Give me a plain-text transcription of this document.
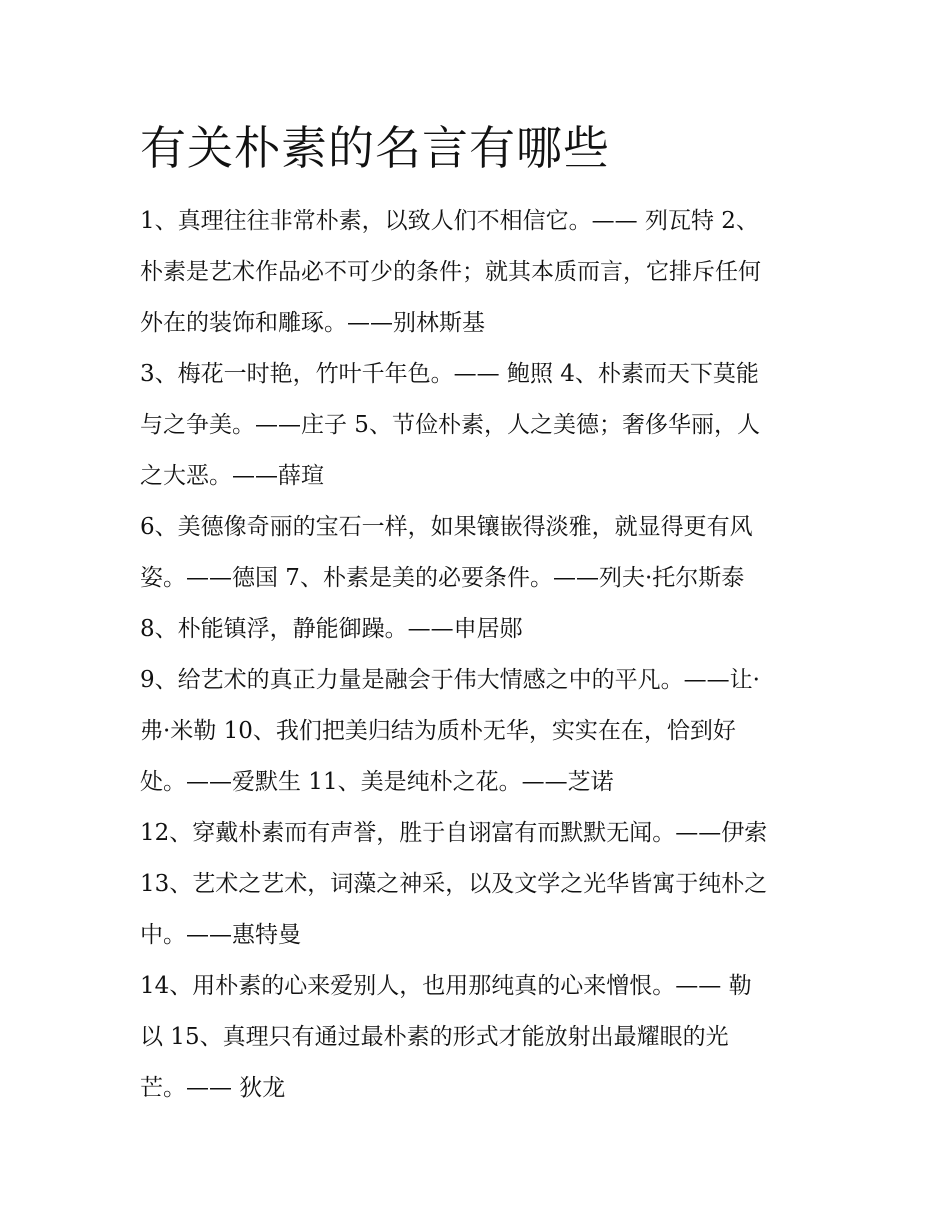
有关朴素的名言有哪些

1、真理往往非常朴素，以致人们不相信它。—— 列瓦特 2、
朴素是艺术作品必不可少的条件；就其本质而言，它排斥任何
外在的装饰和雕琢。——别林斯基

3、梅花一时艳，竹叶千年色。—— 鲍照 4、朴素而天下莫能
与之争美。——庄子 5、节俭朴素，人之美德；奢侈华丽，人
之大恶。——薛瑄

6、美德像奇丽的宝石一样，如果镶嵌得淡雅，就显得更有风
姿。——德国 7、朴素是美的必要条件。——列夫·托尔斯泰

8、朴能镇浮，静能御躁。——申居郧

9、给艺术的真正力量是融会于伟大情感之中的平凡。——让·
弗·米勒 10、我们把美归结为质朴无华，实实在在，恰到好
处。——爱默生 11、美是纯朴之花。——芝诺

12、穿戴朴素而有声誉，胜于自诩富有而默默无闻。——伊索
13、艺术之艺术，词藻之神采，以及文学之光华皆寓于纯朴之
中。——惠特曼

14、用朴素的心来爱别人，也用那纯真的心来憎恨。—— 勒
以 15、真理只有通过最朴素的形式才能放射出最耀眼的光
芒。—— 狄龙
